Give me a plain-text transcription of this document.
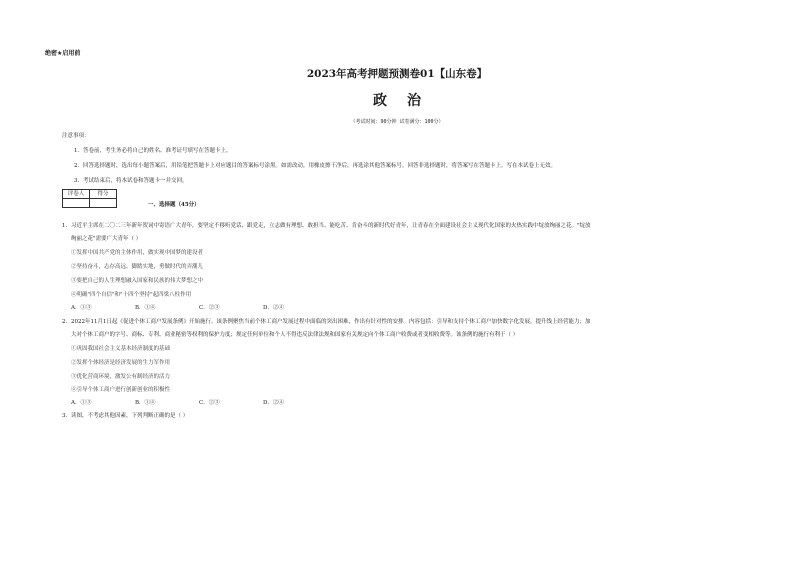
绝密★启用前
2023年高考押题预测卷01【山东卷】
政治
（考试时间：90分钟 试卷满分：100分）
注意事项：
1．答卷前，考生务必将自己的姓名、准考证号填写在答题卡上。
2．回答选择题时，选出每小题答案后，用铅笔把答题卡上对应题目的答案标号涂黑。如需改动，用橡皮擦干净后，再选涂其他答案标号。回答非选择题时，将答案写在答题卡上。写在本试卷上无效。
3．考试结束后，将本试卷和答题卡一并交回。
评卷人	得分

一、选择题（45分）
1．习近平主席在二〇二三年新年贺词中寄语广大青年，要坚定不移听党话、跟党走，立志做有理想、敢担当、能吃苦、肯奋斗的新时代好青年，让青春在全面建设社会主义现代化国家的火热实践中绽放绚丽之花。"绽放
绚丽之花"需要广大青年（ ）
①发挥中国共产党的主体作用，做实现中国梦的建设者
②坚持奋斗，志存高远、脚踏实地，勇做时代的弄潮儿
③要把自己的人生理想融入国家和民族的伟大梦想之中
④明确"四个自信"和"十四个坚持"起四梁八柱作用
A．①③	B．①④	C．②③	D．②④
2．2022年11月1日起《促进个体工商户发展条例》开始施行。该条例聚焦当前个体工商户发展过程中面临的突出困难，作出有针对性的安排。内容包括：引导和支持个体工商户加快数字化发展，提升线上经营能力；加
大对个体工商户的字号、商标、专利、商业秘密等权利的保护力度；规定任何单位和个人不得违反法律法规和国家有关规定向个体工商户收费或者变相收费等。该条例的施行有利于（ ）
①巩固我国社会主义基本经济制度的基础
②发挥个体经济是经济发展的生力军作用
③优化营商环境，激发公有制经济的活力
④引导个体工商户进行创新创业的积极性
A．①③	B．①④	C．②③	D．②④
3．读图，不考虑其他因素，下列判断正确的是（ ）
